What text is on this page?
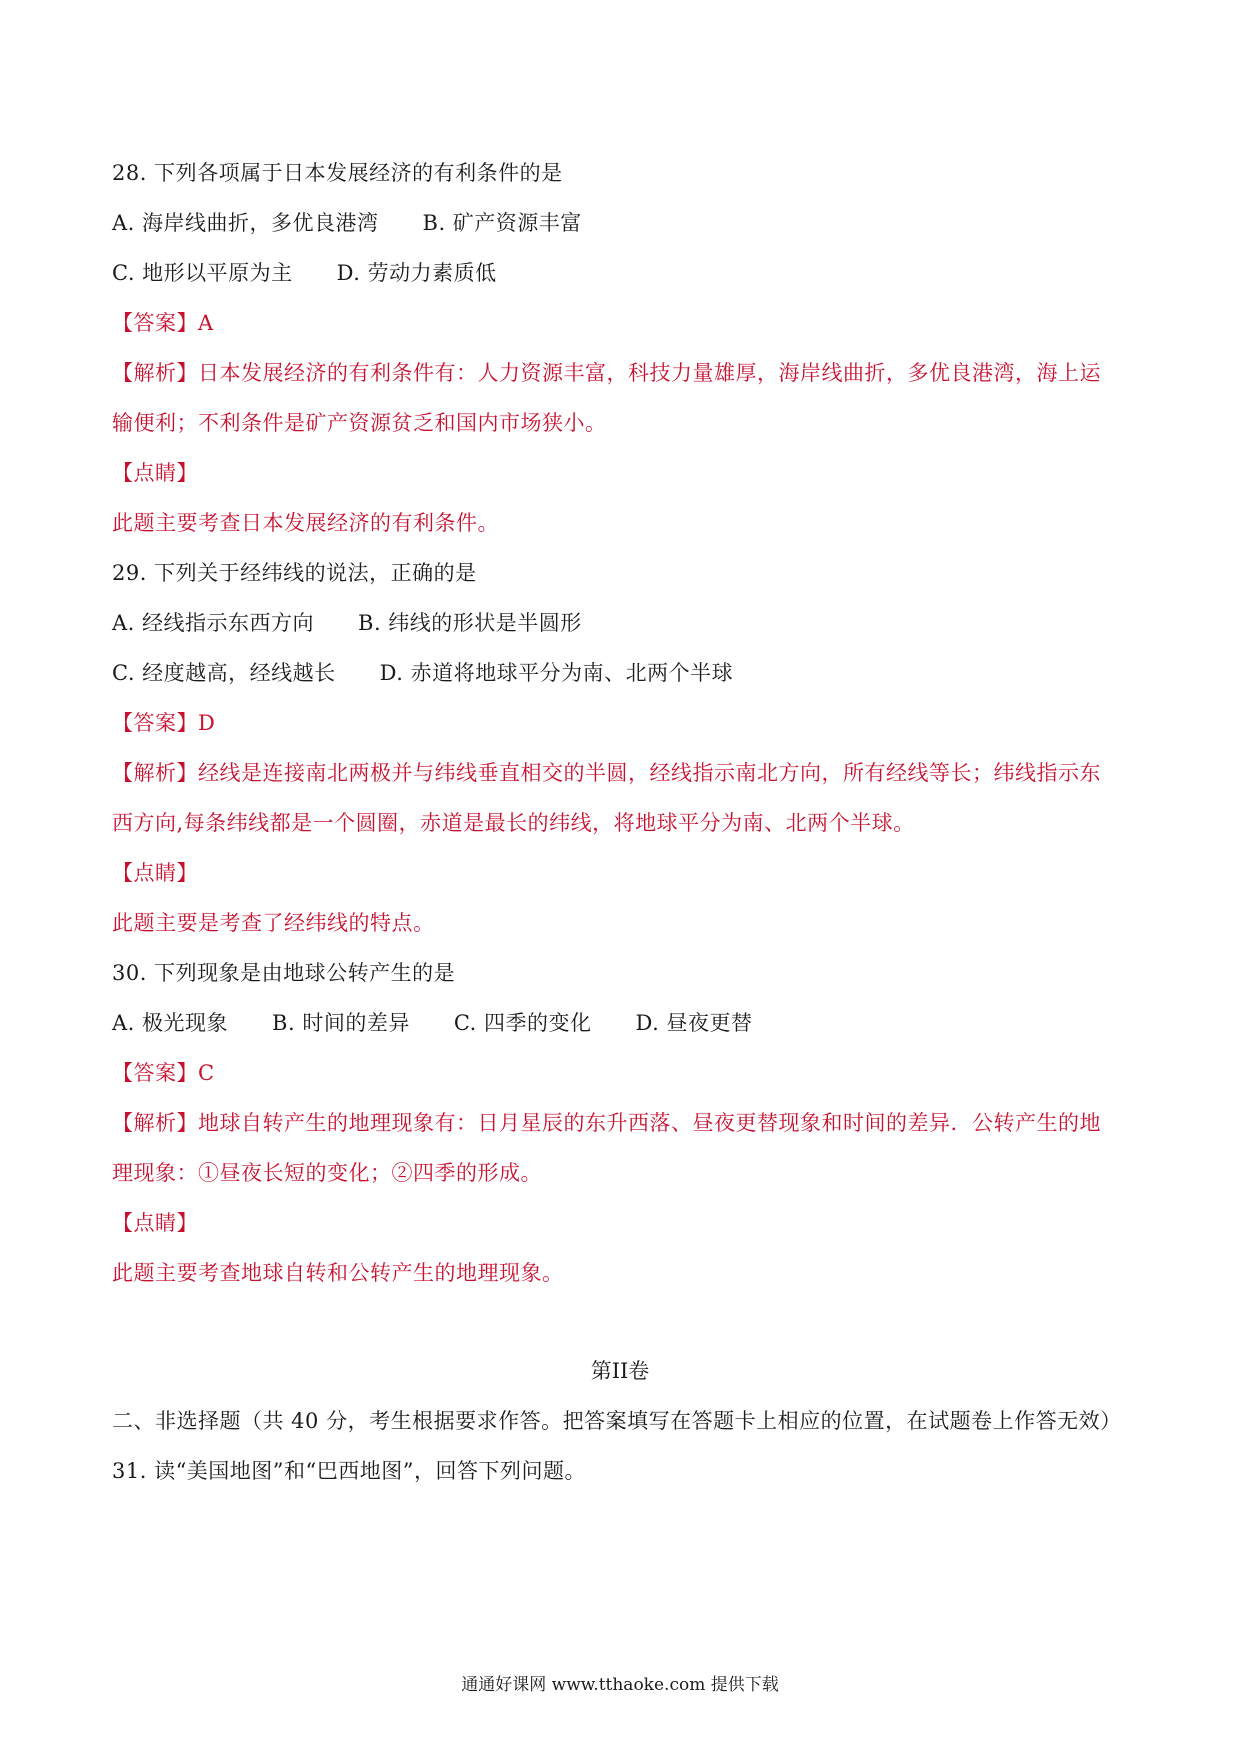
28. 下列各项属于日本发展经济的有利条件的是
A. 海岸线曲折，多优良港湾 B. 矿产资源丰富
C. 地形以平原为主 D. 劳动力素质低
【答案】A
【解析】日本发展经济的有利条件有：人力资源丰富，科技力量雄厚，海岸线曲折，多优良港湾，海上运
输便利；不利条件是矿产资源贫乏和国内市场狭小。
【点睛】
此题主要考查日本发展经济的有利条件。
29. 下列关于经纬线的说法，正确的是
A. 经线指示东西方向 B. 纬线的形状是半圆形
C. 经度越高，经线越长 D. 赤道将地球平分为南、北两个半球
【答案】D
【解析】经线是连接南北两极并与纬线垂直相交的半圆，经线指示南北方向，所有经线等长；纬线指示东
西方向,每条纬线都是一个圆圈，赤道是最长的纬线，将地球平分为南、北两个半球。
【点睛】
此题主要是考查了经纬线的特点。
30. 下列现象是由地球公转产生的是
A. 极光现象 B. 时间的差异 C. 四季的变化 D. 昼夜更替
【答案】C
【解析】地球自转产生的地理现象有：日月星辰的东升西落、昼夜更替现象和时间的差异．公转产生的地
理现象：①昼夜长短的变化；②四季的形成。
【点睛】
此题主要考查地球自转和公转产生的地理现象。
第II卷
二、非选择题（共 40 分，考生根据要求作答。把答案填写在答题卡上相应的位置，在试题卷上作答无效）
31. 读“美国地图”和“巴西地图”，回答下列问题。
通通好课网 www.tthaoke.com 提供下载
